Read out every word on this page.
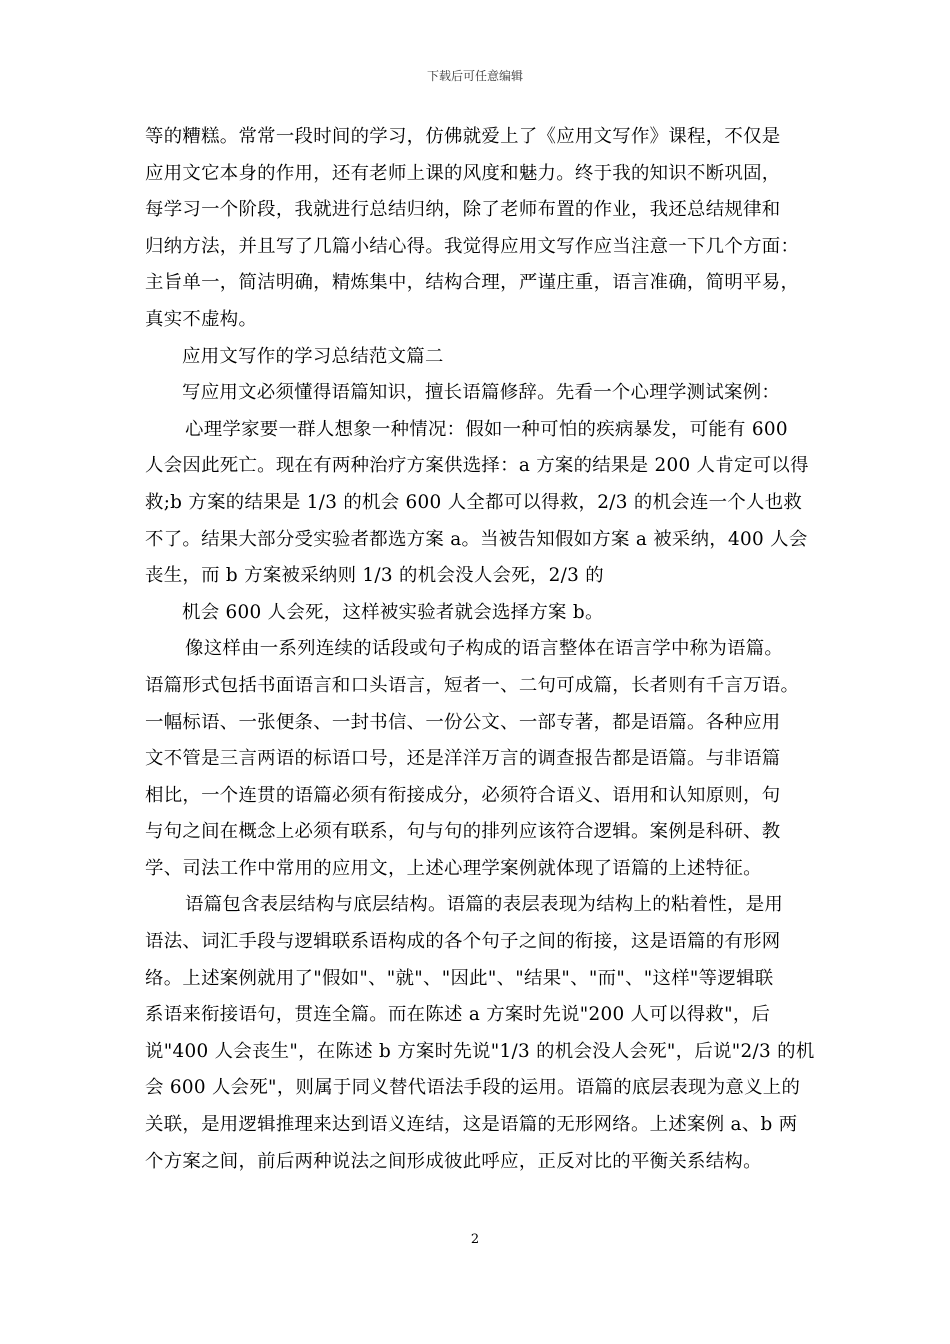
下载后可任意编辑
等的糟糕。常常一段时间的学习，仿佛就爱上了《应用文写作》课程，不仅是
应用文它本身的作用，还有老师上课的风度和魅力。终于我的知识不断巩固，
每学习一个阶段，我就进行总结归纳，除了老师布置的作业，我还总结规律和
归纳方法，并且写了几篇小结心得。我觉得应用文写作应当注意一下几个方面：
主旨单一，简洁明确，精炼集中，结构合理，严谨庄重，语言准确，简明平易，
真实不虚构。
应用文写作的学习总结范文篇二
写应用文必须懂得语篇知识，擅长语篇修辞。先看一个心理学测试案例：
心理学家要一群人想象一种情况：假如一种可怕的疾病暴发，可能有 600
人会因此死亡。现在有两种治疗方案供选择：a 方案的结果是 200 人肯定可以得
救;b 方案的结果是 1/3 的机会 600 人全都可以得救，2/3 的机会连一个人也救
不了。结果大部分受实验者都选方案 a。当被告知假如方案 a 被采纳，400 人会
丧生，而 b 方案被采纳则 1/3 的机会没人会死，2/3 的
机会 600 人会死，这样被实验者就会选择方案 b。
像这样由一系列连续的话段或句子构成的语言整体在语言学中称为语篇。
语篇形式包括书面语言和口头语言，短者一、二句可成篇，长者则有千言万语。
一幅标语、一张便条、一封书信、一份公文、一部专著，都是语篇。各种应用
文不管是三言两语的标语口号，还是洋洋万言的调查报告都是语篇。与非语篇
相比，一个连贯的语篇必须有衔接成分，必须符合语义、语用和认知原则，句
与句之间在概念上必须有联系，句与句的排列应该符合逻辑。案例是科研、教
学、司法工作中常用的应用文，上述心理学案例就体现了语篇的上述特征。
语篇包含表层结构与底层结构。语篇的表层表现为结构上的粘着性，是用
语法、词汇手段与逻辑联系语构成的各个句子之间的衔接，这是语篇的有形网
络。上述案例就用了"假如"、"就"、"因此"、"结果"、"而"、"这样"等逻辑联
系语来衔接语句，贯连全篇。而在陈述 a 方案时先说"200 人可以得救"，后
说"400 人会丧生"，在陈述 b 方案时先说"1/3 的机会没人会死"，后说"2/3 的机
会 600 人会死"，则属于同义替代语法手段的运用。语篇的底层表现为意义上的
关联，是用逻辑推理来达到语义连结，这是语篇的无形网络。上述案例 a、b 两
个方案之间，前后两种说法之间形成彼此呼应，正反对比的平衡关系结构。
2
